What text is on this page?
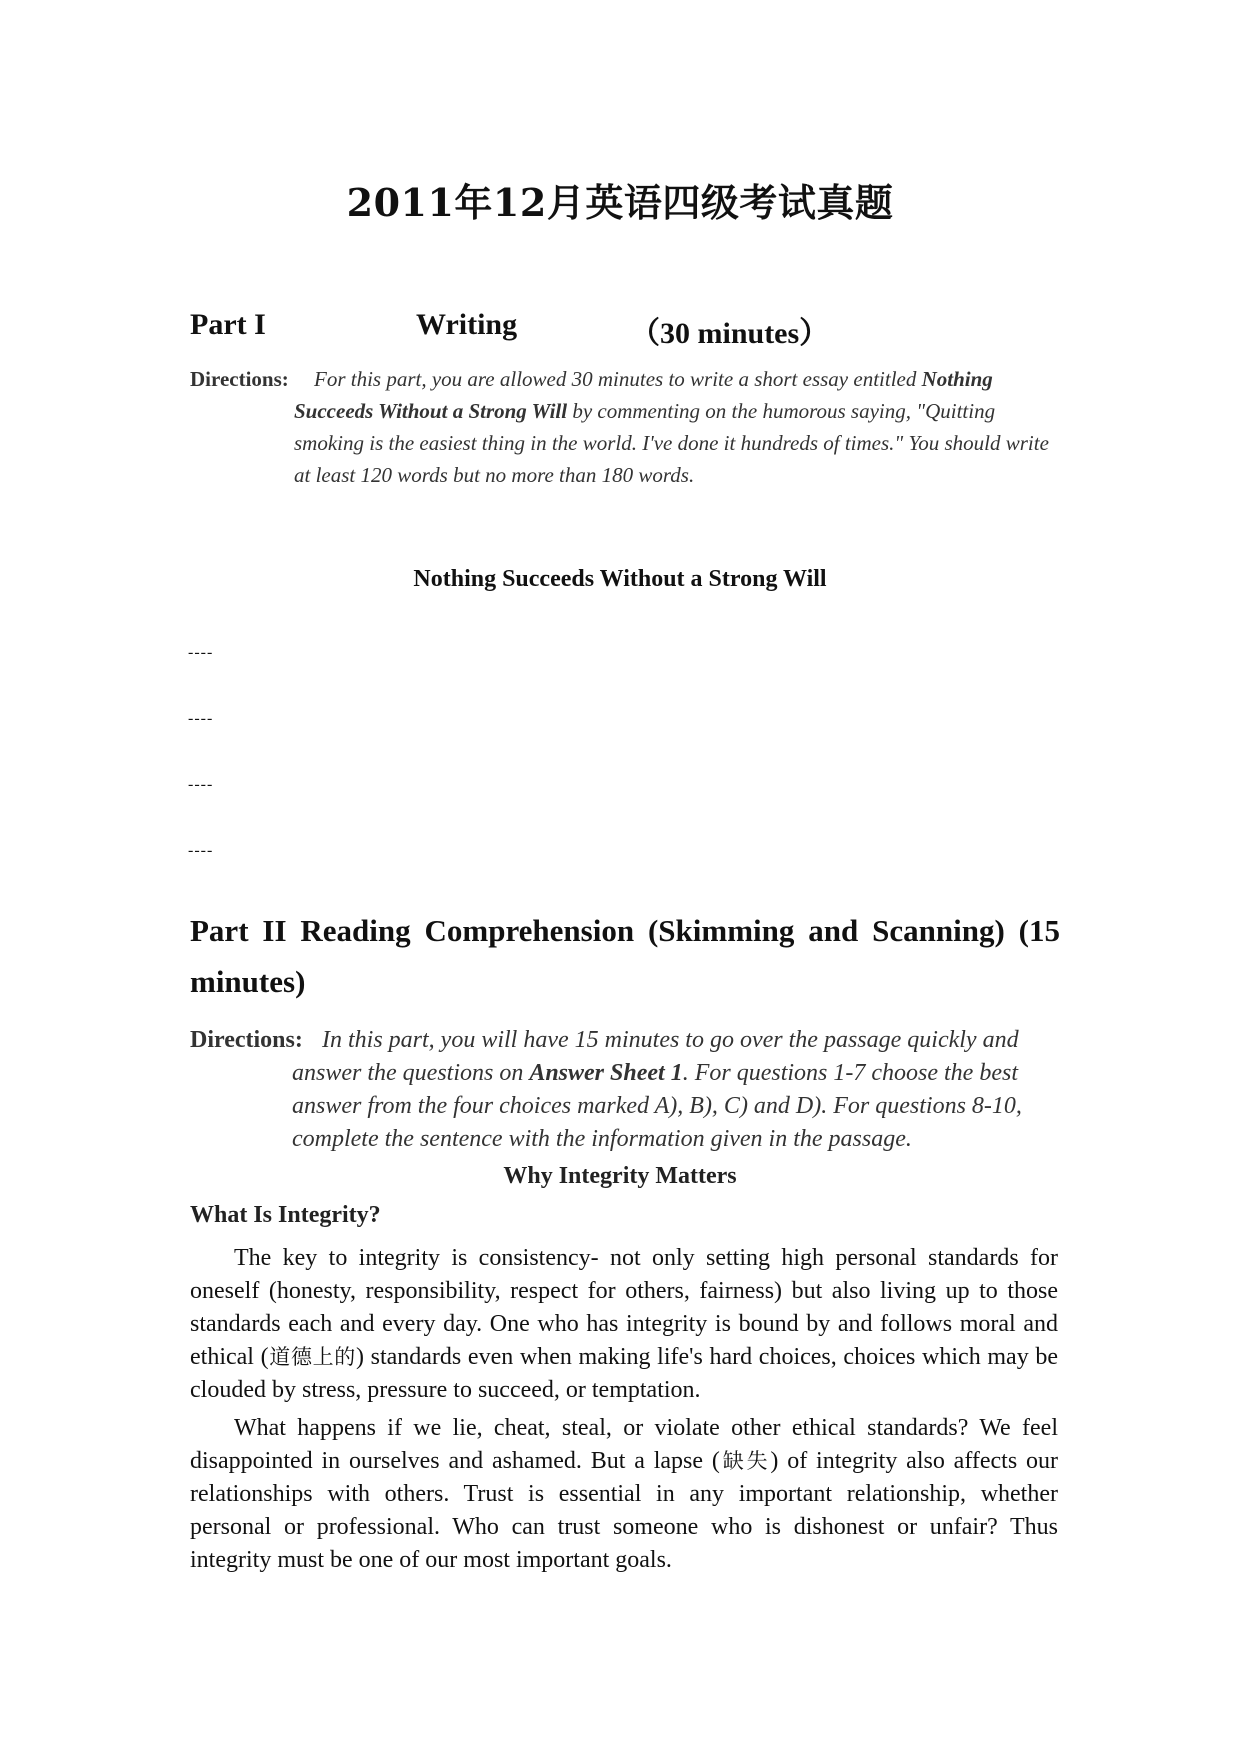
2011年12月英语四级考试真题
Part I	Writing	（30 minutes）
Directions:	For this part, you are allowed 30 minutes to write a short essay entitled Nothing Succeeds Without a Strong Will by commenting on the humorous saying, "Quitting smoking is the easiest thing in the world. I've done it hundreds of times." You should write at least 120 words but no more than 180 words.
Nothing Succeeds Without a Strong Will
----
----
----
----
Part II Reading Comprehension (Skimming and Scanning) (15
minutes)
Directions: In this part, you will have 15 minutes to go over the passage quickly and answer the questions on Answer Sheet 1. For questions 1-7 choose the best answer from the four choices marked A), B), C) and D). For questions 8-10, complete the sentence with the information given in the passage.
Why Integrity Matters
What Is Integrity?
The key to integrity is consistency- not only setting high personal standards for oneself (honesty, responsibility, respect for others, fairness) but also living up to those standards each and every day. One who has integrity is bound by and follows moral and ethical (道德上的) standards even when making life's hard choices, choices which may be clouded by stress, pressure to succeed, or temptation.
What happens if we lie, cheat, steal, or violate other ethical standards? We feel disappointed in ourselves and ashamed. But a lapse (缺失) of integrity also affects our relationships with others. Trust is essential in any important relationship, whether personal or professional. Who can trust someone who is dishonest or unfair? Thus integrity must be one of our most important goals.
